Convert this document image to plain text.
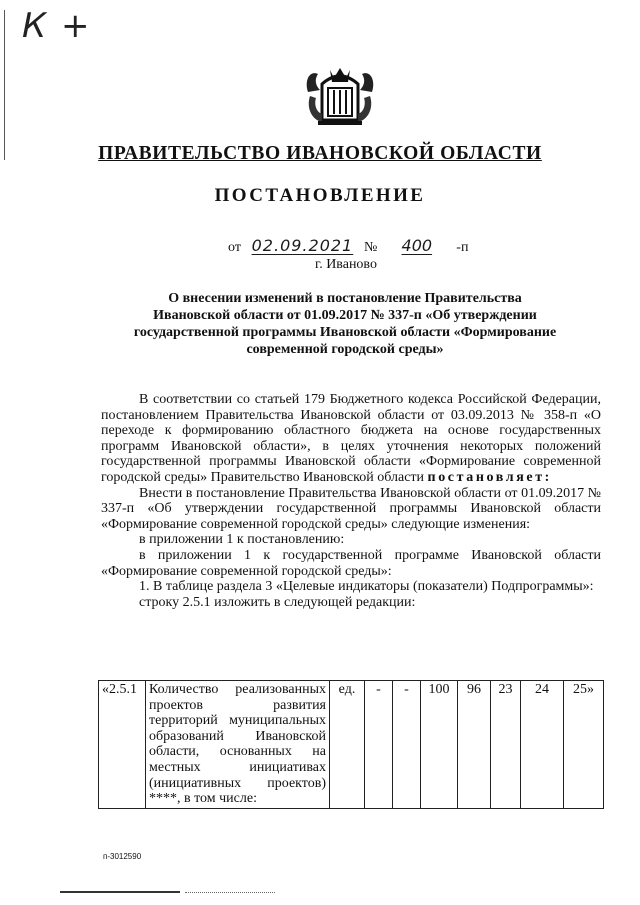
К +
ПРАВИТЕЛЬСТВО ИВАНОВСКОЙ ОБЛАСТИ
ПОСТАНОВЛЕНИЕ
от 02.09.2021 № 400 -п
г. Иваново
О внесении изменений в постановление Правительства
Ивановской области от 01.09.2017 № 337-п «Об утверждении
государственной программы Ивановской области «Формирование
современной городской среды»

В соответствии со статьей 179 Бюджетного кодекса Российской Федерации, постановлением Правительства Ивановской области от 03.09.2013 № 358-п «О переходе к формированию областного бюджета на основе государственных программ Ивановской области», в целях уточнения некоторых положений государственной программы Ивановской области «Формирование современной городской среды» Правительство Ивановской области постановляет:

Внести в постановление Правительства Ивановской области от 01.09.2017 № 337-п «Об утверждении государственной программы Ивановской области «Формирование современной городской среды» следующие изменения:

в приложении 1 к постановлению:

в приложении 1 к государственной программе Ивановской области «Формирование современной городской среды»:

1. В таблице раздела 3 «Целевые индикаторы (показатели) Подпрограммы»:

строку 2.5.1 изложить в следующей редакции:

«2.5.1	Количество реализованных проектов развития территорий муниципальных образований Ивановской области, основанных на местных инициативах (инициативных проектов) ****, в том числе:	ед.	-	-	100	96	23	24	25»
п-3012590
